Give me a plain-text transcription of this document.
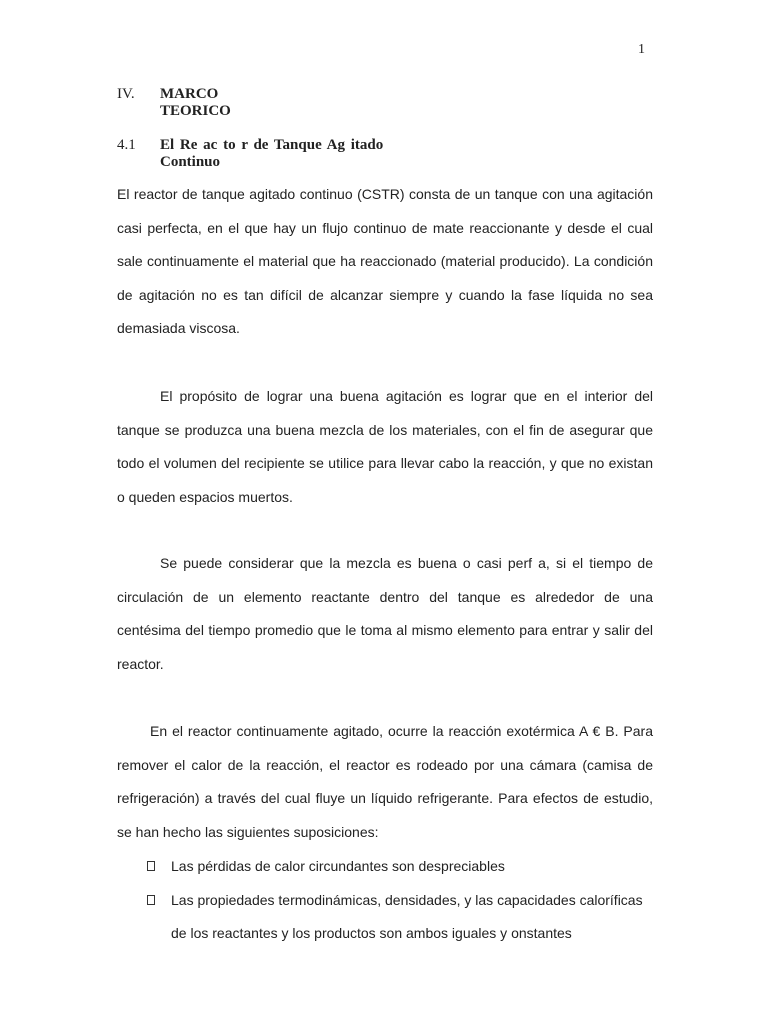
1
IV. MARCO
TEORICO
4.1 El Re ac to r de Tanque Ag itado
Continuo

El reactor de tanque agitado continuo (CSTR) consta de un tanque con una agitación casi perfecta, en el que hay un flujo continuo de mate reaccionante y desde el cual sale continuamente el material que ha reaccionado (material producido). La condición de agitación no es tan difícil de alcanzar siempre y cuando la fase líquida no sea demasiada viscosa.

El propósito de lograr una buena agitación es lograr que en el interior del tanque se produzca una buena mezcla de los materiales, con el fin de asegurar que todo el volumen del recipiente se utilice para llevar cabo la reacción, y que no existan o queden espacios muertos.

Se puede considerar que la mezcla es buena o casi perf a, si el tiempo de circulación de un elemento reactante dentro del tanque es alrededor de una centésima del tiempo promedio que le toma al mismo elemento para entrar y salir del reactor.

En el reactor continuamente agitado, ocurre la reacción exotérmica A € B. Para remover el calor de la reacción, el reactor es rodeado por una cámara (camisa de refrigeración) a través del cual fluye un líquido refrigerante. Para efectos de estudio, se han hecho las siguientes suposiciones:

Las pérdidas de calor circundantes son despreciables
Las propiedades termodinámicas, densidades, y las capacidades caloríficas de los reactantes y los productos son ambos iguales y onstantes
